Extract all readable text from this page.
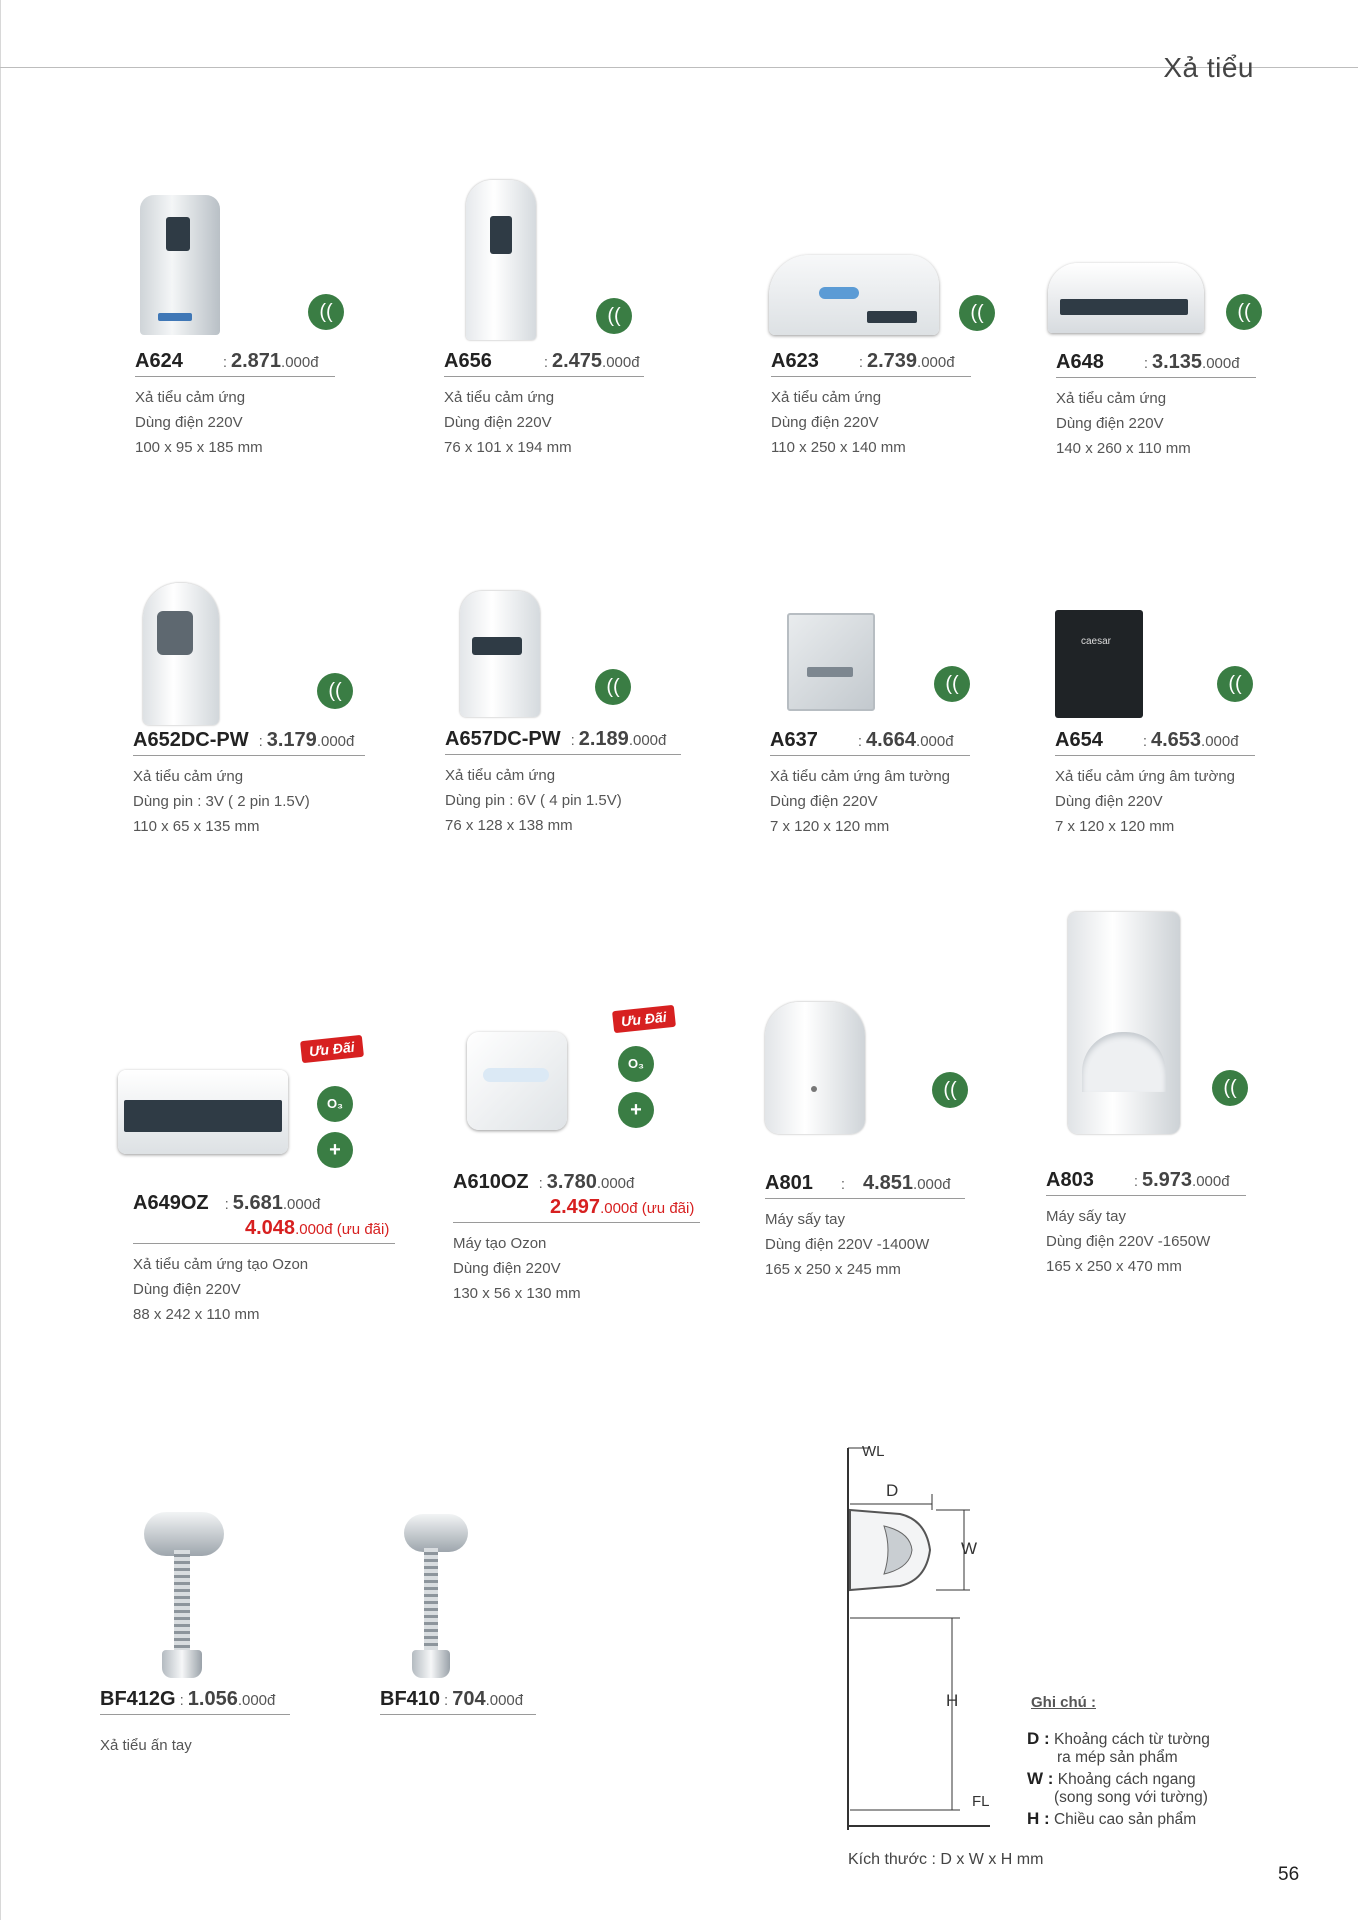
Xả tiểu
((
A624	: 2.871 .000đ
Xả tiểu cảm ứng
Dùng điện 220V
100 x 95 x 185 mm
((
A656	: 2.475 .000đ
Xả tiểu cảm ứng
Dùng điện 220V
76 x 101 x 194 mm
((
A623	: 2.739 .000đ
Xả tiểu cảm ứng
Dùng điện 220V
110 x 250 x 140 mm
((
A648	: 3.135 .000đ
Xả tiểu cảm ứng
Dùng điện 220V
140 x 260 x 110 mm
((
A652DC-PW : 3.179 .000đ
Xả tiểu cảm ứng
Dùng pin : 3V ( 2 pin 1.5V)
110 x 65 x 135 mm
((
A657DC-PW : 2.189 .000đ
Xả tiểu cảm ứng
Dùng pin : 6V ( 4 pin 1.5V)
76 x 128 x 138 mm
((
A637	: 4.664 .000đ
Xả tiểu cảm ứng âm tường
Dùng điện 220V
7 x 120 x 120 mm
caesar
((
A654	: 4.653 .000đ
Xả tiểu cảm ứng âm tường
Dùng điện 220V
7 x 120 x 120 mm
Ưu Đãi
O₃
+
A649OZ : 5.681 .000đ
4.048.000đ (ưu đãi)
Xả tiểu cảm ứng tạo Ozon
Dùng điện 220V
88 x 242 x 110 mm
Ưu Đãi
O₃
+
A610OZ : 3.780 .000đ
2.497.000đ (ưu đãi)
Máy tạo Ozon
Dùng điện 220V
130 x 56 x 130 mm
((
A801 : 4.851 .000đ
Máy sấy tay
Dùng điện 220V -1400W
165 x 250 x 245 mm
((
A803	: 5.973 .000đ
Máy sấy tay
Dùng điện 220V -1650W
165 x 250 x 470 mm
BF412G : 1.056 .000đ
Xả tiểu ấn tay
BF410 : 704 .000đ
WL
D
W
H
FL
Ghi chú :
D : Khoảng cách từ tường
ra mép sản phẩm
W : Khoảng cách ngang
(song song với tường)
H : Chiều cao sản phẩm
Kích thước : D x W x H mm
56
